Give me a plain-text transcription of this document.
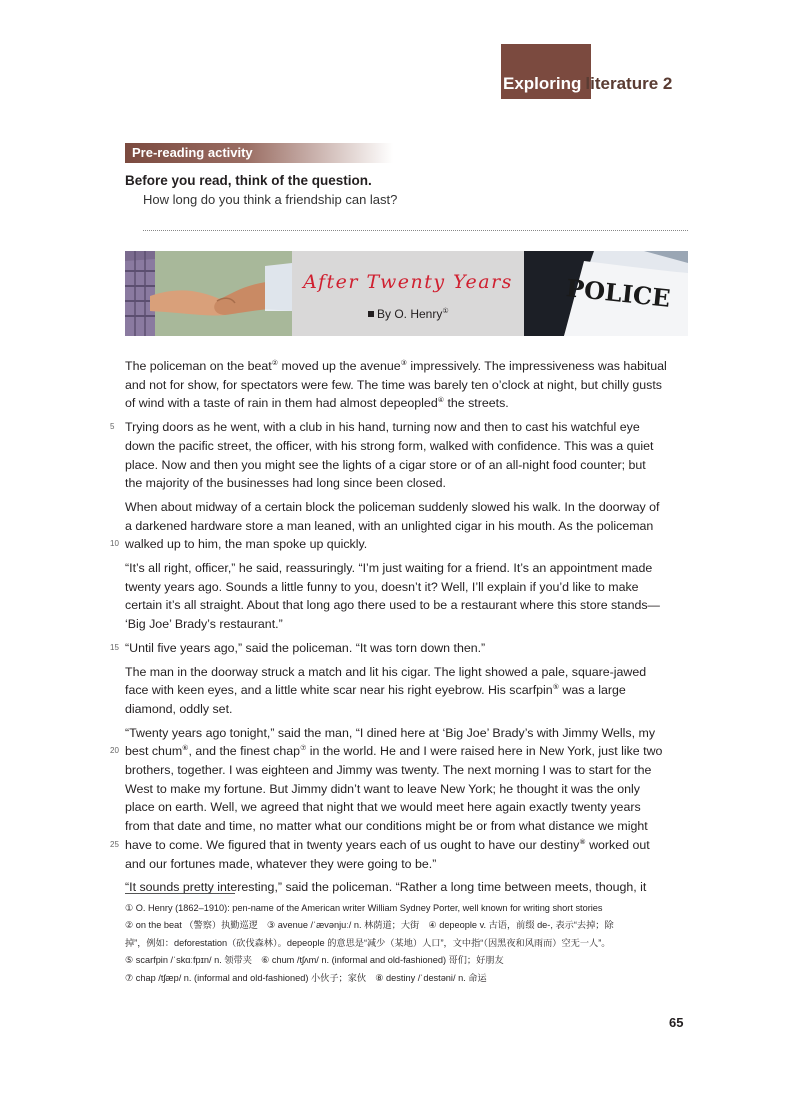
Exploring literature 2
Pre-reading activity
Before you read, think of the question.
How long do you think a friendship can last?
After Twenty Years
By O. Henry①	POLICE
The policeman on the beat② moved up the avenue③ impressively. The impressiveness was habitual
and not for show, for spectators were few. The time was barely ten o’clock at night, but chilly gusts
of wind with a taste of rain in them had almost depeopled④ the streets.
5 Trying doors as he went, with a club in his hand, turning now and then to cast his watchful eye
down the pacific street, the officer, with his strong form, walked with confidence. This was a quiet
place. Now and then you might see the lights of a cigar store or of an all-night food counter; but
the majority of the businesses had long since been closed.
When about midway of a certain block the policeman suddenly slowed his walk. In the doorway of
a darkened hardware store a man leaned, with an unlighted cigar in his mouth. As the policeman
10 walked up to him, the man spoke up quickly.
“It’s all right, officer,” he said, reassuringly. “I’m just waiting for a friend. It’s an appointment made
twenty years ago. Sounds a little funny to you, doesn’t it? Well, I’ll explain if you’d like to make
certain it’s all straight. About that long ago there used to be a restaurant where this store stands—
‘Big Joe’ Brady’s restaurant.”
15 “Until five years ago,” said the policeman. “It was torn down then.”
The man in the doorway struck a match and lit his cigar. The light showed a pale, square-jawed
face with keen eyes, and a little white scar near his right eyebrow. His scarfpin⑤ was a large
diamond, oddly set.
“Twenty years ago tonight,” said the man, “I dined here at ‘Big Joe’ Brady’s with Jimmy Wells, my
20 best chum⑥, and the finest chap⑦ in the world. He and I were raised here in New York, just like two
brothers, together. I was eighteen and Jimmy was twenty. The next morning I was to start for the
West to make my fortune. But Jimmy didn’t want to leave New York; he thought it was the only
place on earth. Well, we agreed that night that we would meet here again exactly twenty years
from that date and time, no matter what our conditions might be or from what distance we might
25 have to come. We figured that in twenty years each of us ought to have our destiny⑧ worked out
and our fortunes made, whatever they were going to be.”
“It sounds pretty interesting,” said the policeman. “Rather a long time between meets, though, it
① O. Henry (1862–1910): pen-name of the American writer William Sydney Porter, well known for writing short stories
② on the beat （警察）执勤巡逻　③ avenue /ˈævənjuː/ n. 林荫道；大街　④ depeople v. 古语，前缀 de-, 表示“去掉；除
掉”，例如：deforestation（砍伐森林）。depeople 的意思是“减少（某地）人口”，文中指“（因黑夜和风雨而）空无一人”。
⑤ scarfpin /ˈskɑːfpɪn/ n. 领带夹　⑥ chum /tʃʌm/ n. (informal and old-fashioned) 哥们；好朋友
⑦ chap /tʃæp/ n. (informal and old-fashioned) 小伙子；家伙　⑧ destiny /ˈdestəni/ n. 命运
65
